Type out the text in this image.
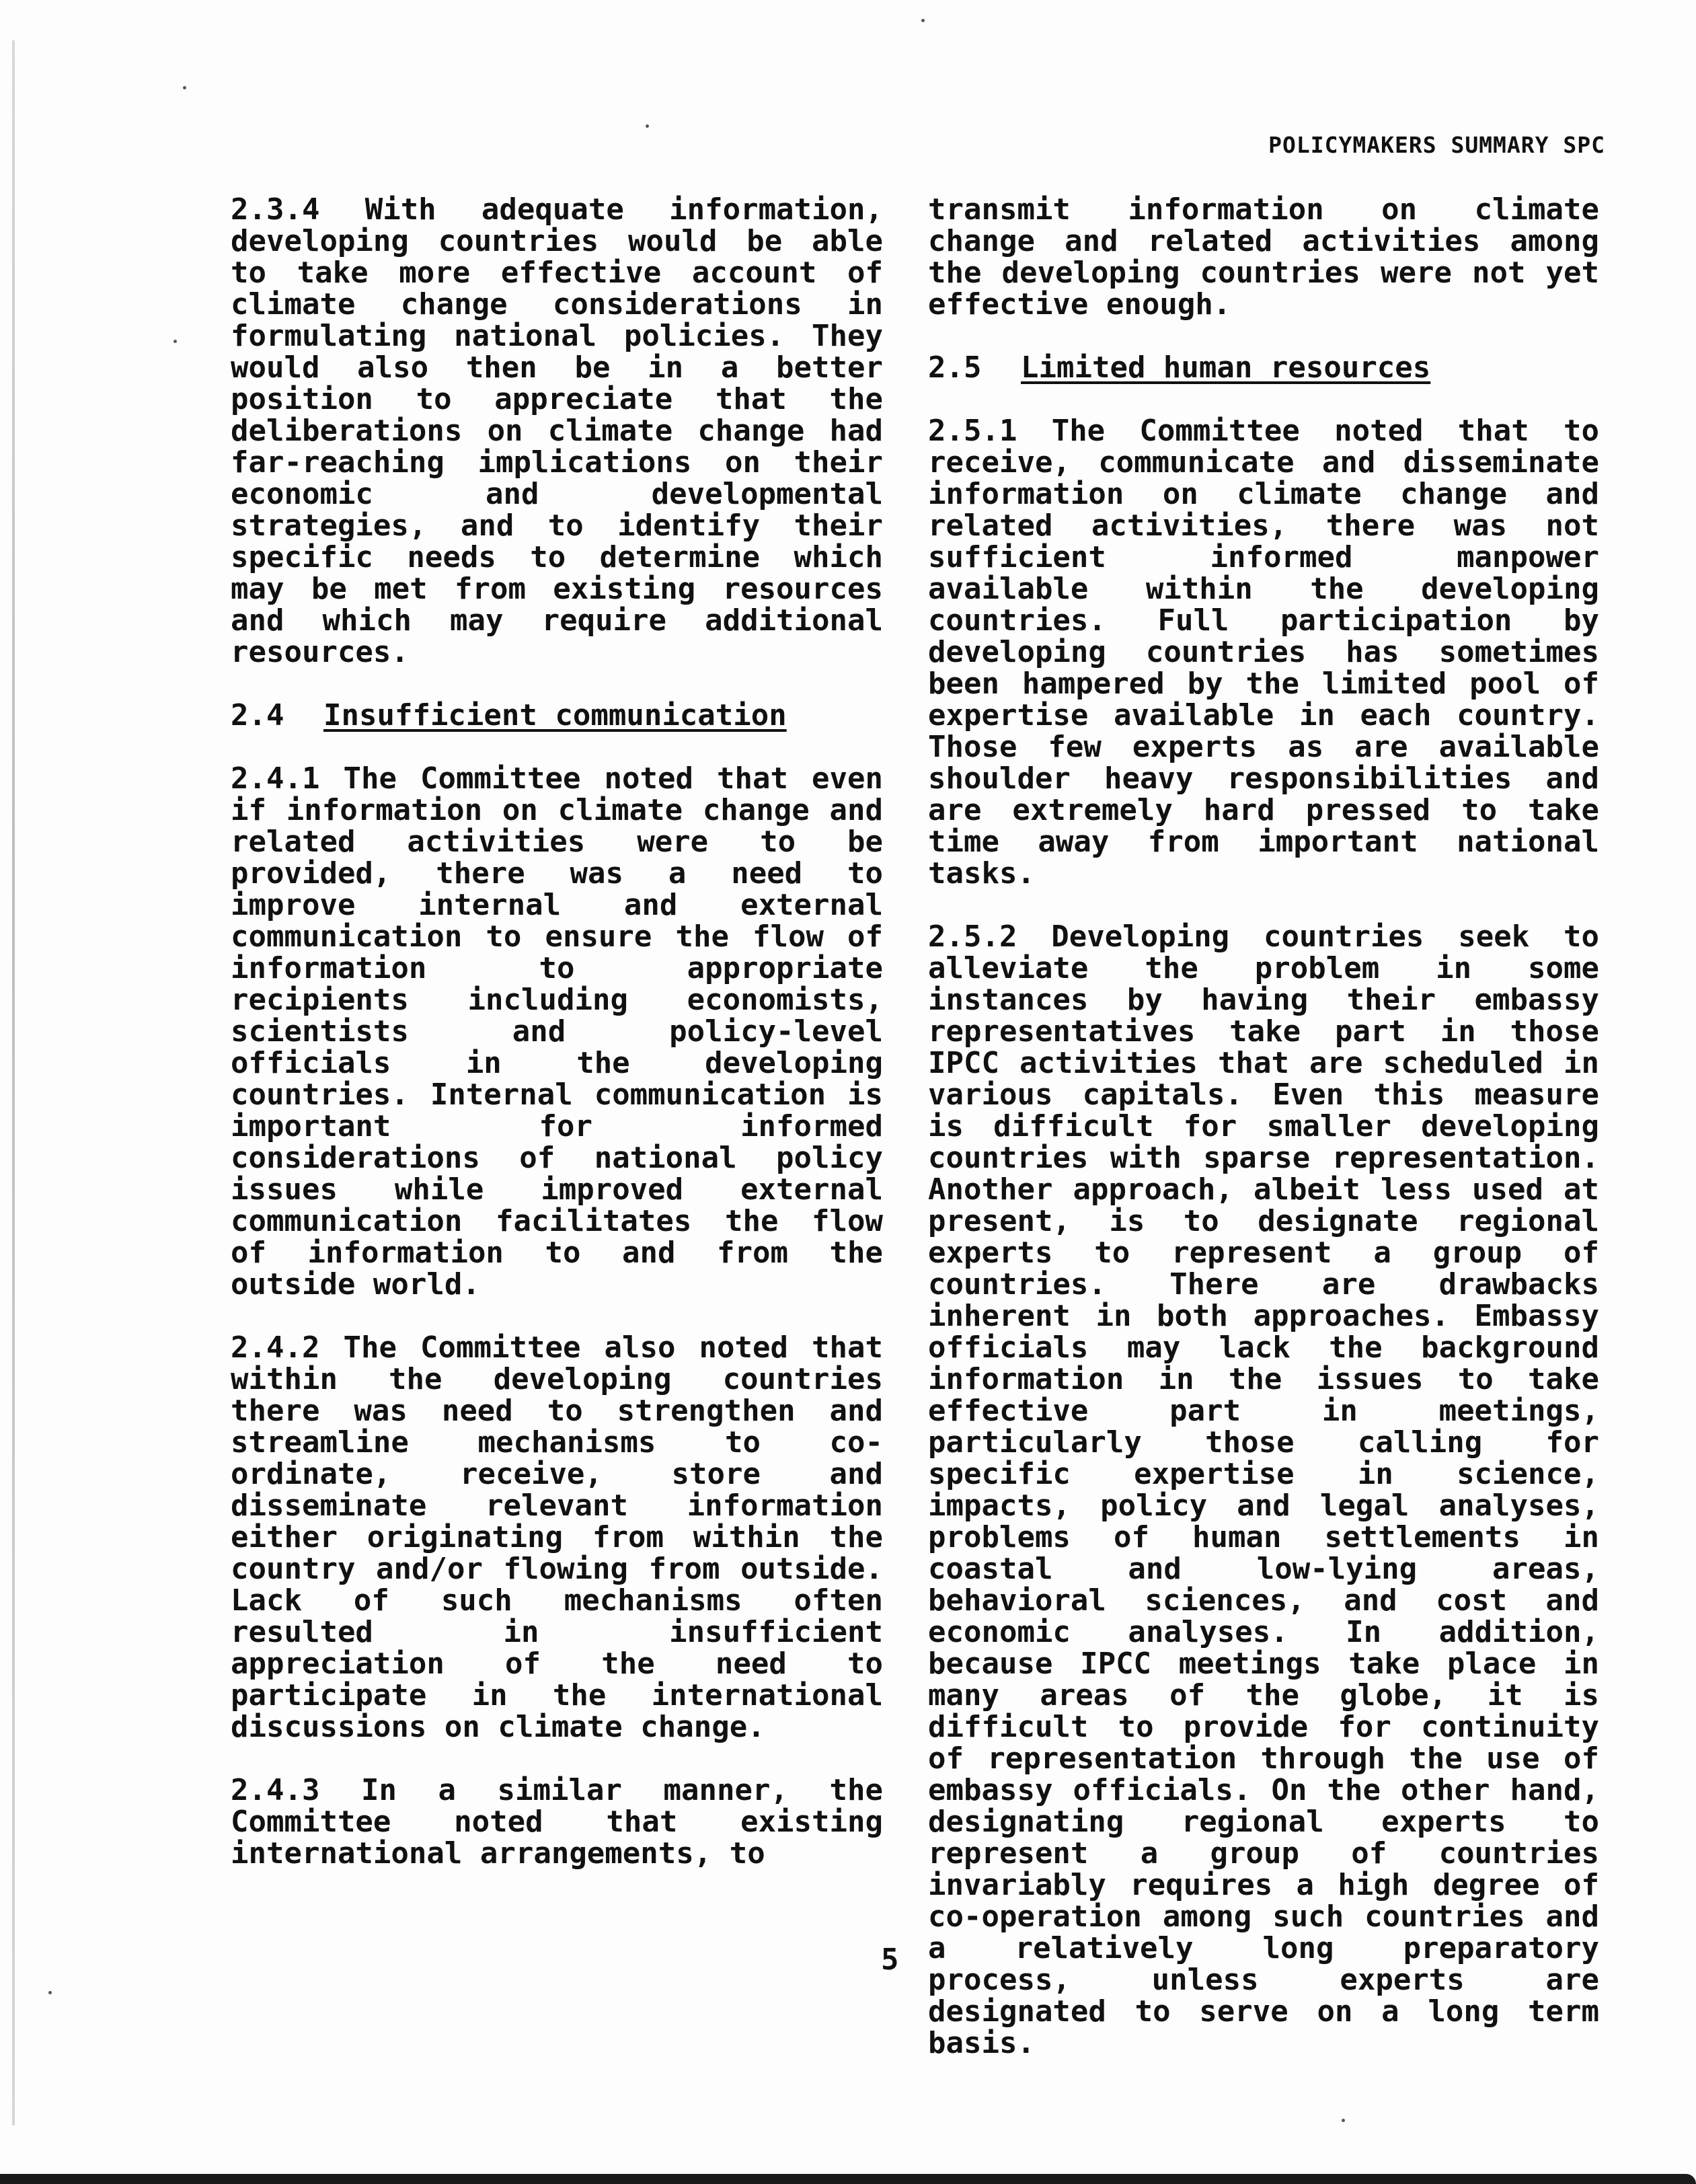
POLICYMAKERS SUMMARY SPC

2.3.4 With adequate information, developing countries would be able to take more effective account of climate change considerations in formulating national policies. They would also then be in a better position to appreciate that the deliberations on climate change had far-reaching implications on their economic and developmental strategies, and to identify their specific needs to determine which may be met from existing resources and which may require additional resources.

2.4 Insufficient communication

2.4.1 The Committee noted that even if information on climate change and related activities were to be provided, there was a need to improve internal and external communication to ensure the flow of information to appropriate recipients including economists, scientists and policy-level officials in the developing countries. Internal communication is important for informed considerations of national policy issues while improved external communication facilitates the flow of information to and from the outside world.

2.4.2 The Committee also noted that within the developing countries there was need to strengthen and streamline mechanisms to co-ordinate, receive, store and disseminate relevant information either originating from within the country and/or flowing from outside. Lack of such mechanisms often resulted in insufficient appreciation of the need to participate in the international discussions on climate change.

2.4.3 In a similar manner, the Committee noted that existing international arrangements, to

transmit information on climate change and related activities among the developing countries were not yet effective enough.

2.5 Limited human resources

2.5.1 The Committee noted that to receive, communicate and disseminate information on climate change and related activities, there was not sufficient informed manpower available within the developing countries. Full participation by developing countries has sometimes been hampered by the limited pool of expertise available in each country. Those few experts as are available shoulder heavy responsibilities and are extremely hard pressed to take time away from important national tasks.

2.5.2 Developing countries seek to alleviate the problem in some instances by having their embassy representatives take part in those IPCC activities that are scheduled in various capitals. Even this measure is difficult for smaller developing countries with sparse representation. Another approach, albeit less used at present, is to designate regional experts to represent a group of countries. There are drawbacks inherent in both approaches. Embassy officials may lack the background information in the issues to take effective part in meetings, particularly those calling for specific expertise in science, impacts, policy and legal analyses, problems of human settlements in coastal and low-lying areas, behavioral sciences, and cost and economic analyses. In addition, because IPCC meetings take place in many areas of the globe, it is difficult to provide for continuity of representation through the use of embassy officials. On the other hand, designating regional experts to represent a group of countries invariably requires a high degree of co-operation among such countries and a relatively long preparatory process, unless experts are designated to serve on a long term basis.

5
